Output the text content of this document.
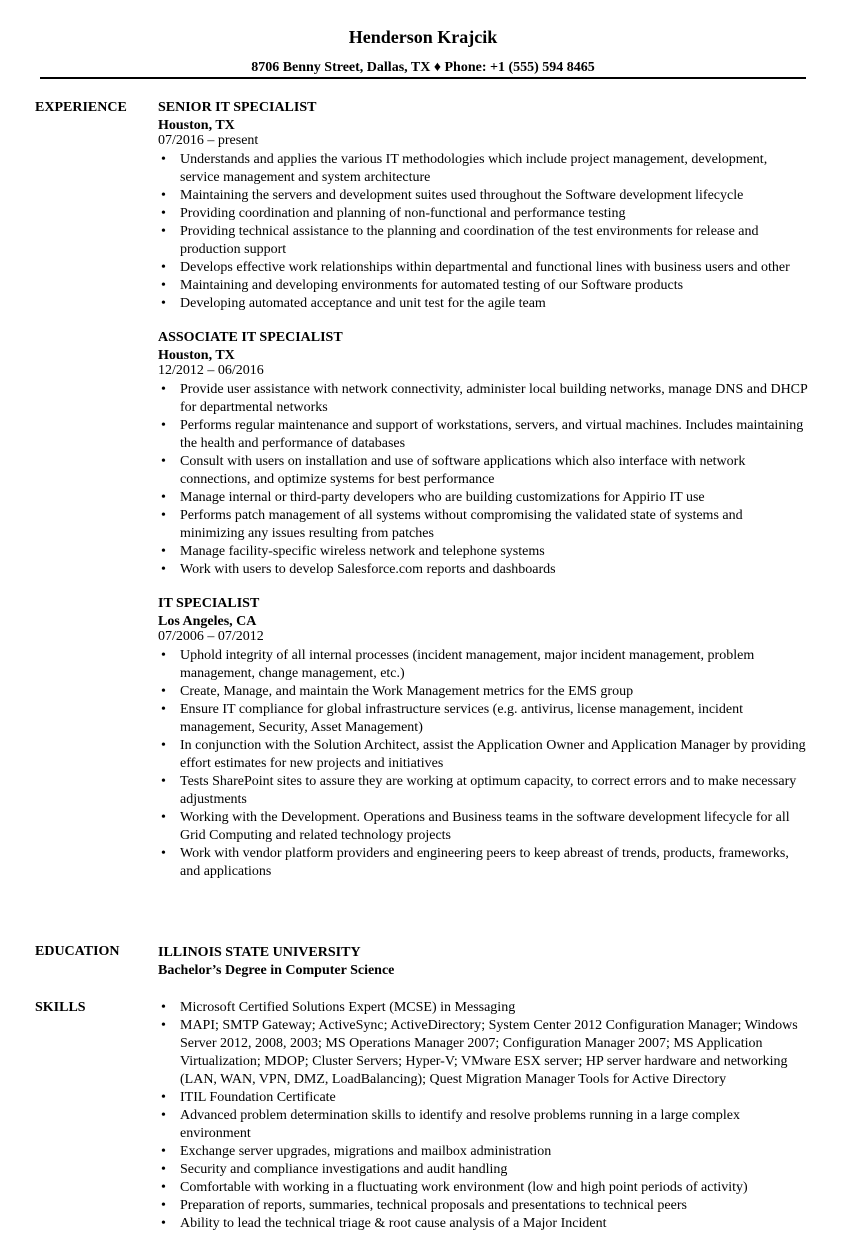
Henderson Krajcik
8706 Benny Street, Dallas, TX ♦ Phone: +1 (555) 594 8465
EXPERIENCE SENIOR IT SPECIALIST
Houston, TX
07/2016 – present
• Understands and applies the various IT methodologies which include project management, development, service management and system architecture
• Maintaining the servers and development suites used throughout the Software development lifecycle
• Providing coordination and planning of non-functional and performance testing
• Providing technical assistance to the planning and coordination of the test environments for release and production support
• Develops effective work relationships within departmental and functional lines with business users and other
• Maintaining and developing environments for automated testing of our Software products
• Developing automated acceptance and unit test for the agile team
ASSOCIATE IT SPECIALIST
Houston, TX
12/2012 – 06/2016
• Provide user assistance with network connectivity, administer local building networks, manage DNS and DHCP for departmental networks
• Performs regular maintenance and support of workstations, servers, and virtual machines. Includes maintaining the health and performance of databases
• Consult with users on installation and use of software applications which also interface with network connections, and optimize systems for best performance
• Manage internal or third-party developers who are building customizations for Appirio IT use
• Performs patch management of all systems without compromising the validated state of systems and minimizing any issues resulting from patches
• Manage facility-specific wireless network and telephone systems
• Work with users to develop Salesforce.com reports and dashboards
IT SPECIALIST
Los Angeles, CA
07/2006 – 07/2012
• Uphold integrity of all internal processes (incident management, major incident management, problem management, change management, etc.)
• Create, Manage, and maintain the Work Management metrics for the EMS group
• Ensure IT compliance for global infrastructure services (e.g. antivirus, license management, incident management, Security, Asset Management)
• In conjunction with the Solution Architect, assist the Application Owner and Application Manager by providing effort estimates for new projects and initiatives
• Tests SharePoint sites to assure they are working at optimum capacity, to correct errors and to make necessary adjustments
• Working with the Development. Operations and Business teams in the software development lifecycle for all Grid Computing and related technology projects
• Work with vendor platform providers and engineering peers to keep abreast of trends, products, frameworks, and applications
EDUCATION	ILLINOIS STATE UNIVERSITY
Bachelor’s Degree in Computer Science
SKILLS
•	Microsoft Certified Solutions Expert (MCSE) in Messaging
• MAPI; SMTP Gateway; ActiveSync; ActiveDirectory; System Center 2012 Configuration Manager; Windows Server 2012, 2008, 2003; MS Operations Manager 2007; Configuration Manager 2007; MS Application Virtualization; MDOP; Cluster Servers; Hyper-V; VMware ESX server; HP server hardware and networking (LAN, WAN, VPN, DMZ, LoadBalancing); Quest Migration Manager Tools for Active Directory
• ITIL Foundation Certificate
• Advanced problem determination skills to identify and resolve problems running in a large complex environment
• Exchange server upgrades, migrations and mailbox administration
• Security and compliance investigations and audit handling
• Comfortable with working in a fluctuating work environment (low and high point periods of activity)
• Preparation of reports, summaries, technical proposals and presentations to technical peers
• Ability to lead the technical triage & root cause analysis of a Major Incident
